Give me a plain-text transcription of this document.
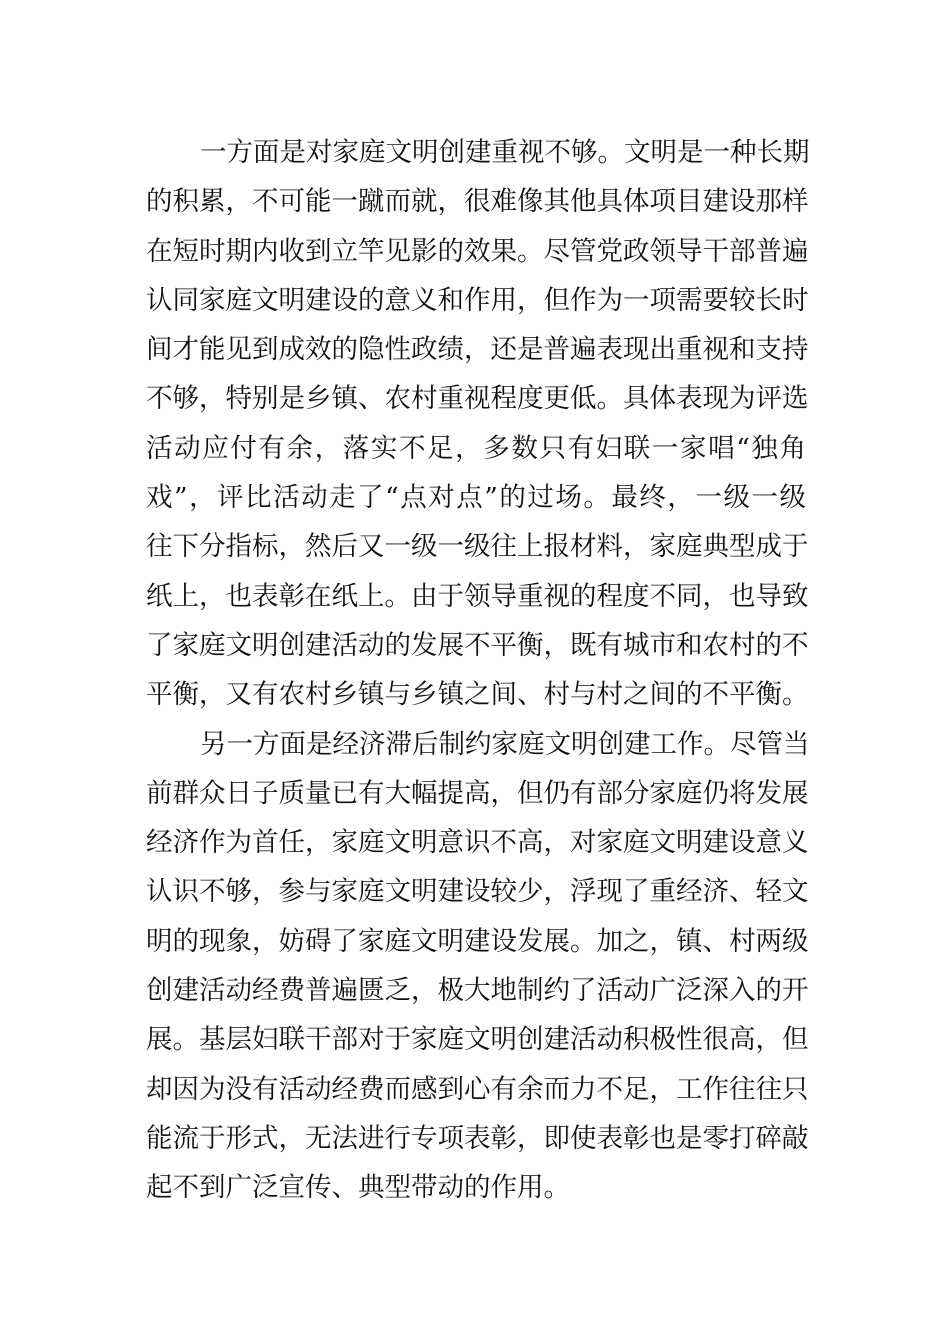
一方面是对家庭文明创建重视不够。文明是一种长期
的积累，不可能一蹴而就，很难像其他具体项目建设那样
在短时期内收到立竿见影的效果。尽管党政领导干部普遍
认同家庭文明建设的意义和作用，但作为一项需要较长时
间才能见到成效的隐性政绩，还是普遍表现出重视和支持
不够，特别是乡镇、农村重视程度更低。具体表现为评选
活动应付有余，落实不足，多数只有妇联一家唱“独角
戏”，评比活动走了“点对点”的过场。最终，一级一级
往下分指标，然后又一级一级往上报材料，家庭典型成于
纸上，也表彰在纸上。由于领导重视的程度不同，也导致
了家庭文明创建活动的发展不平衡，既有城市和农村的不
平衡，又有农村乡镇与乡镇之间、村与村之间的不平衡。
另一方面是经济滞后制约家庭文明创建工作。尽管当
前群众日子质量已有大幅提高，但仍有部分家庭仍将发展
经济作为首任，家庭文明意识不高，对家庭文明建设意义
认识不够，参与家庭文明建设较少，浮现了重经济、轻文
明的现象，妨碍了家庭文明建设发展。加之，镇、村两级
创建活动经费普遍匮乏，极大地制约了活动广泛深入的开
展。基层妇联干部对于家庭文明创建活动积极性很高，但
却因为没有活动经费而感到心有余而力不足，工作往往只
能流于形式，无法进行专项表彰，即使表彰也是零打碎敲
起不到广泛宣传、典型带动的作用。
